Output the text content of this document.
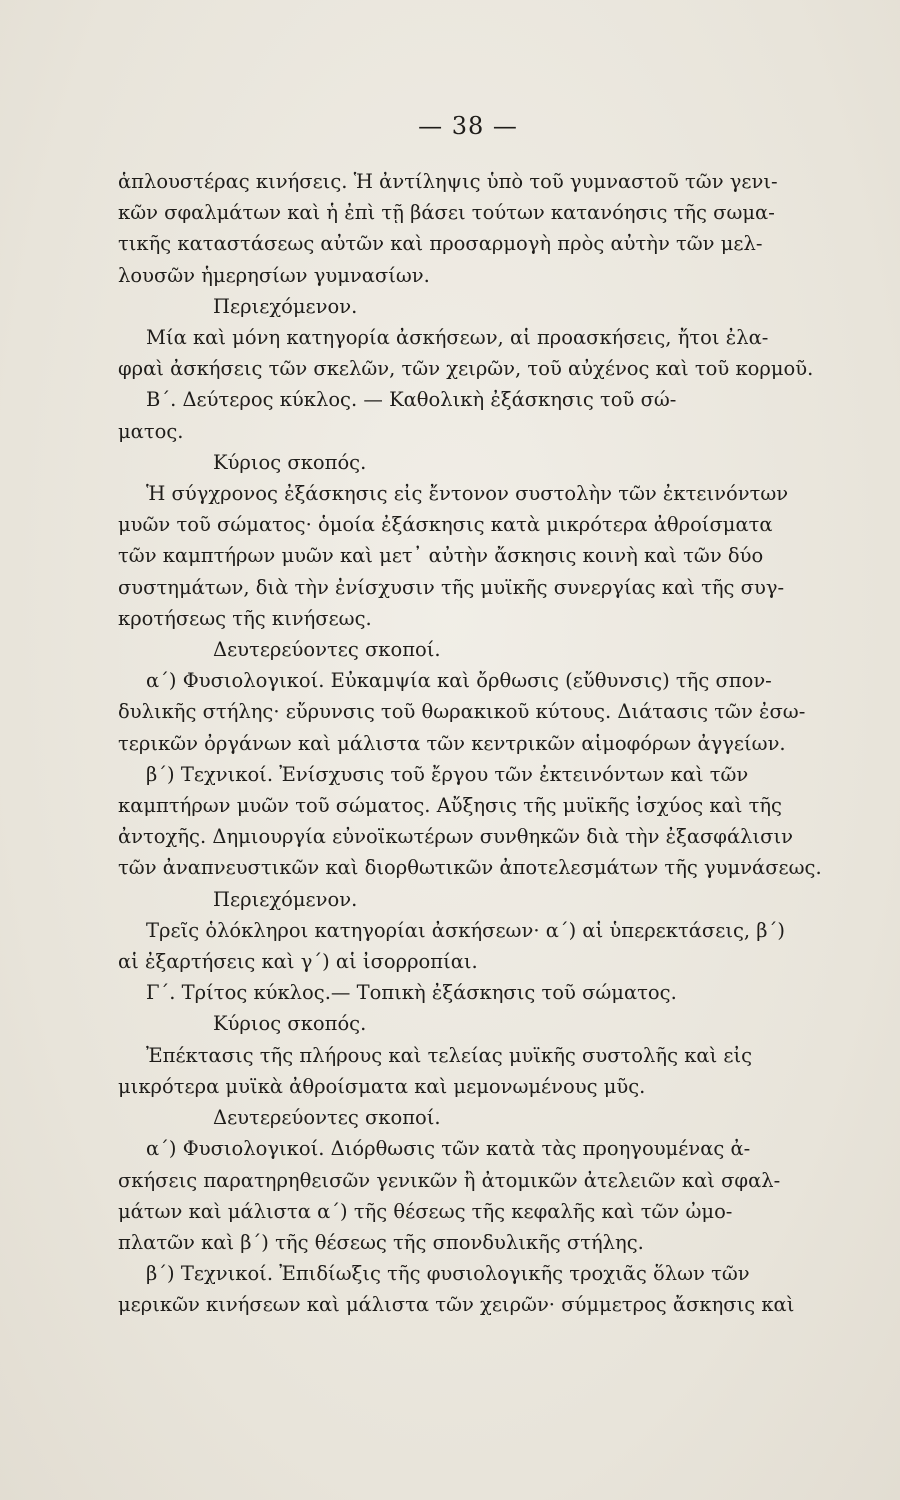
— 38 —
ἁπλουστέρας κινήσεις. Ἡ ἀντίληψις ὑπὸ τοῦ γυμναστοῦ τῶν γενι-
κῶν σφαλμάτων καὶ ἡ ἐπὶ τῇ βάσει τούτων κατανόησις τῆς σωμα-
τικῆς καταστάσεως αὐτῶν καὶ προσαρμογὴ πρὸς αὐτὴν τῶν μελ-
λουσῶν ἡμερησίων γυμνασίων.
Περιεχόμενον.
Μία καὶ μόνη κατηγορία ἀσκήσεων, αἱ προασκήσεις, ἤτοι ἐλα-
φραὶ ἀσκήσεις τῶν σκελῶν, τῶν χειρῶν, τοῦ αὐχένος καὶ τοῦ κορμοῦ.
Β΄. Δεύτερος κύκλος. — Καθολικὴ ἐξάσκησις τοῦ σώ-
ματος.
Κύριος σκοπός.
Ἡ σύγχρονος ἐξάσκησις εἰς ἔντονον συστολὴν τῶν ἐκτεινόντων
μυῶν τοῦ σώματος· ὁμοία ἐξάσκησις κατὰ μικρότερα ἀθροίσματα
τῶν καμπτήρων μυῶν καὶ μετ᾽ αὐτὴν ἄσκησις κοινὴ καὶ τῶν δύο
συστημάτων, διὰ τὴν ἐνίσχυσιν τῆς μυϊκῆς συνεργίας καὶ τῆς συγ-
κροτήσεως τῆς κινήσεως.
Δευτερεύοντες σκοποί.
α΄) Φυσιολογικοί. Εὐκαμψία καὶ ὄρθωσις (εὔθυνσις) τῆς σπον-
δυλικῆς στήλης· εὔρυνσις τοῦ θωρακικοῦ κύτους. Διάτασις τῶν ἐσω-
τερικῶν ὀργάνων καὶ μάλιστα τῶν κεντρικῶν αἱμοφόρων ἀγγείων.
β΄) Τεχνικοί. Ἐνίσχυσις τοῦ ἔργου τῶν ἐκτεινόντων καὶ τῶν
καμπτήρων μυῶν τοῦ σώματος. Αὔξησις τῆς μυϊκῆς ἰσχύος καὶ τῆς
ἀντοχῆς. Δημιουργία εὐνοϊκωτέρων συνθηκῶν διὰ τὴν ἐξασφάλισιν
τῶν ἀναπνευστικῶν καὶ διορθωτικῶν ἀποτελεσμάτων τῆς γυμνάσεως.
Περιεχόμενον.
Τρεῖς ὁλόκληροι κατηγορίαι ἀσκήσεων· α΄) αἱ ὑπερεκτάσεις, β΄)
αἱ ἐξαρτήσεις καὶ γ΄) αἱ ἰσορροπίαι.
Γ΄. Τρίτος κύκλος.— Τοπικὴ ἐξάσκησις τοῦ σώματος.
Κύριος σκοπός.
Ἐπέκτασις τῆς πλήρους καὶ τελείας μυϊκῆς συστολῆς καὶ εἰς
μικρότερα μυϊκὰ ἀθροίσματα καὶ μεμονωμένους μῦς.
Δευτερεύοντες σκοποί.
α΄) Φυσιολογικοί. Διόρθωσις τῶν κατὰ τὰς προηγουμένας ἀ-
σκήσεις παρατηρηθεισῶν γενικῶν ἢ ἀτομικῶν ἀτελειῶν καὶ σφαλ-
μάτων καὶ μάλιστα α΄) τῆς θέσεως τῆς κεφαλῆς καὶ τῶν ὠμο-
πλατῶν καὶ β΄) τῆς θέσεως τῆς σπονδυλικῆς στήλης.
β΄) Τεχνικοί. Ἐπιδίωξις τῆς φυσιολογικῆς τροχιᾶς ὅλων τῶν
μερικῶν κινήσεων καὶ μάλιστα τῶν χειρῶν· σύμμετρος ἄσκησις καὶ
